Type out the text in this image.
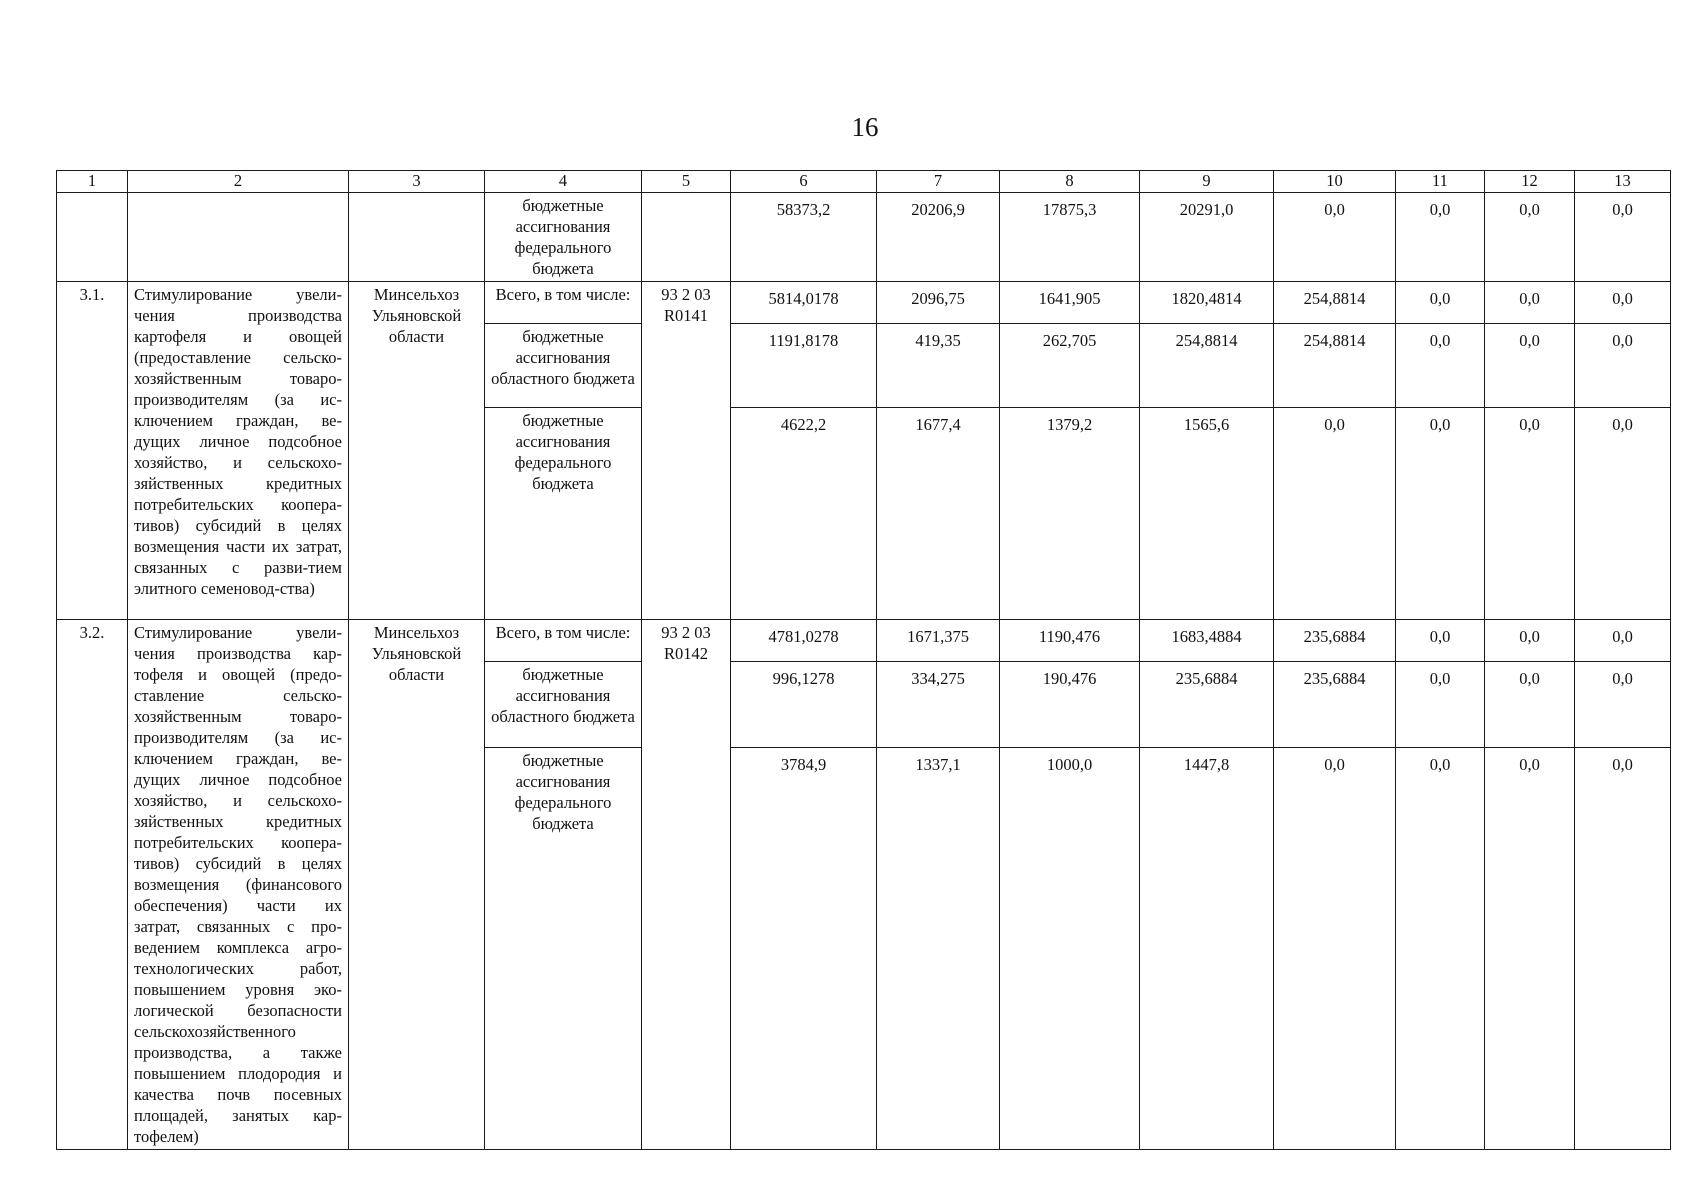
16
1	2	3	4	5	6	7	8	9	10	11	12	13
			бюджетные ассигнования федерального бюджета		58373,2	20206,9	17875,3	20291,0	0,0	0,0	0,0	0,0
3.1.	Стимулирование увели-чения производства картофеля и овощей (предоставление сельско-хозяйственным товаро-производителям (за ис-ключением граждан, ве-дущих личное подсобное хозяйство, и сельскохо-зяйственных кредитных потребительских коопера-тивов) субсидий в целях возмещения части их затрат, связанных с разви-тием элитного семеновод-ства)	Минсельхоз Ульяновской области	Всего, в том числе:	93 2 03 R0141	5814,0178	2096,75	1641,905	1820,4814	254,8814	0,0	0,0	0,0
			бюджетные ассигнования областного бюджета		1191,8178	419,35	262,705	254,8814	254,8814	0,0	0,0	0,0
			бюджетные ассигнования федерального бюджета		4622,2	1677,4	1379,2	1565,6	0,0	0,0	0,0	0,0
3.2.	Стимулирование увели-чения производства кар-тофеля и овощей (предо-ставление сельско-хозяйственным товаро-производителям (за ис-ключением граждан, ве-дущих личное подсобное хозяйство, и сельскохо-зяйственных кредитных потребительских коопера-тивов) субсидий в целях возмещения (финансового обеспечения) части их затрат, связанных с про-ведением комплекса агро-технологических работ, повышением уровня эко-логической безопасности сельскохозяйственного производства, а также повышением плодородия и качества почв посевных площадей, занятых кар-тофелем)	Минсельхоз Ульяновской области	Всего, в том числе:	93 2 03 R0142	4781,0278	1671,375	1190,476	1683,4884	235,6884	0,0	0,0	0,0
			бюджетные ассигнования областного бюджета		996,1278	334,275	190,476	235,6884	235,6884	0,0	0,0	0,0
			бюджетные ассигнования федерального бюджета		3784,9	1337,1	1000,0	1447,8	0,0	0,0	0,0	0,0
